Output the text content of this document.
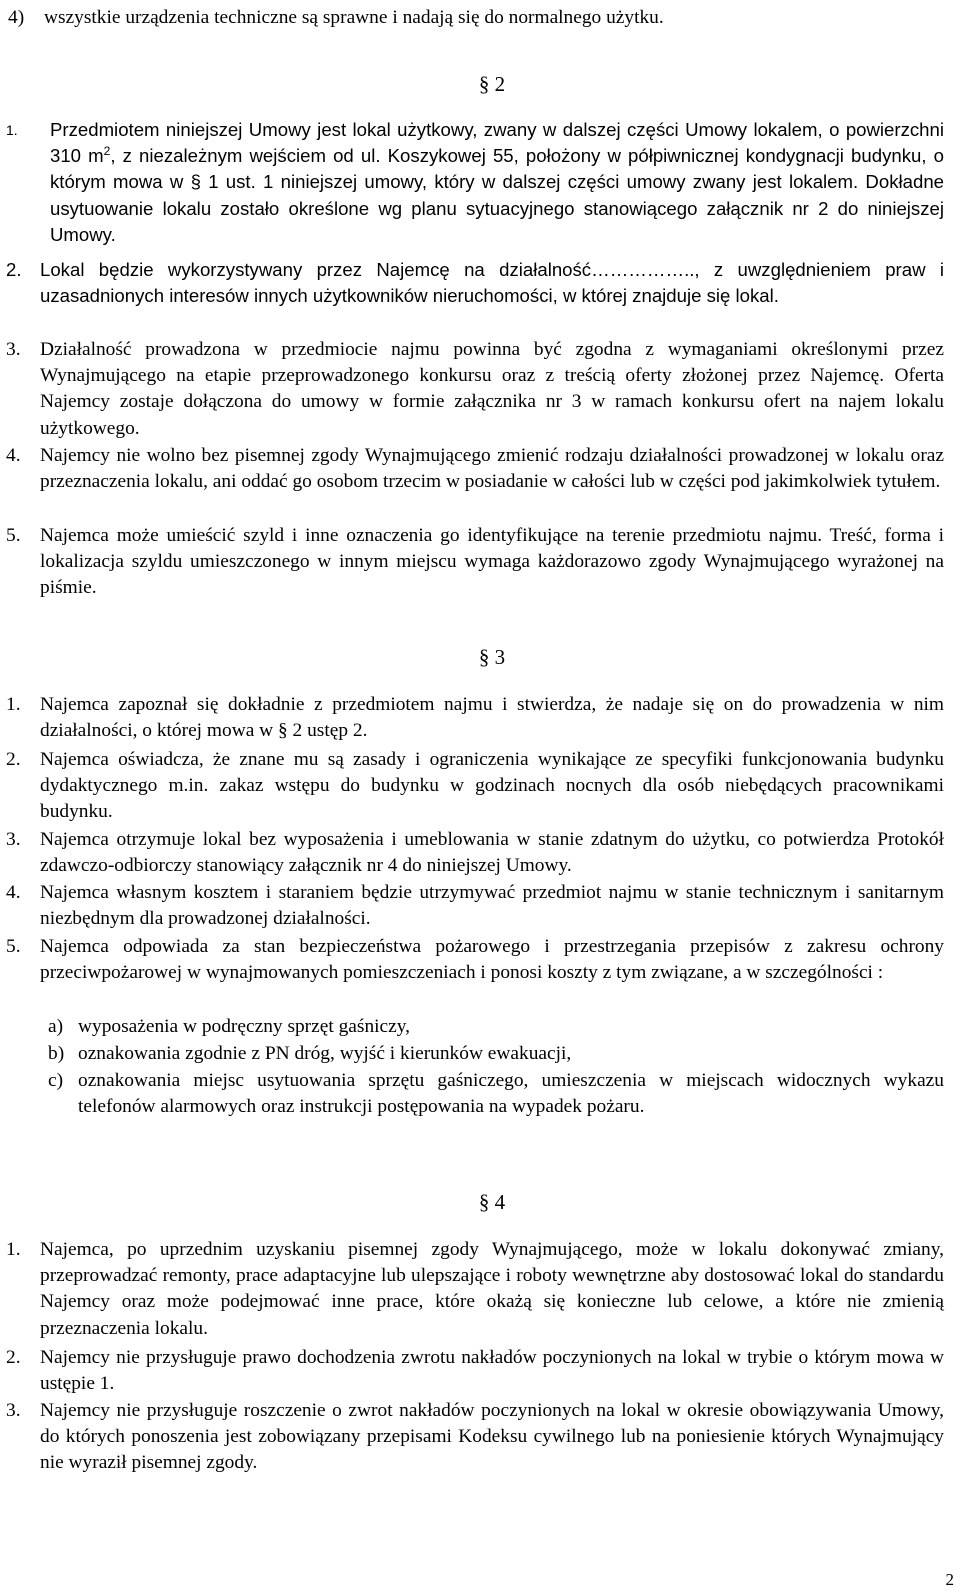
4) wszystkie urządzenia techniczne są sprawne i nadają się do normalnego użytku.
§ 2
1. Przedmiotem niniejszej Umowy jest lokal użytkowy, zwany w dalszej części Umowy lokalem, o powierzchni 310 $m^2$, z niezależnym wejściem od ul. Koszykowej 55, położony w półpiwnicznej kondygnacji budynku, o którym mowa w § 1 ust. 1 niniejszej umowy, który w dalszej części umowy zwany jest lokalem. Dokładne usytuowanie lokalu zostało określone wg planu sytuacyjnego stanowiącego załącznik nr 2 do niniejszej Umowy.
2. Lokal będzie wykorzystywany przez Najemcę na działalność…………….., z uwzględnieniem praw i uzasadnionych interesów innych użytkowników nieruchomości, w której znajduje się lokal.
3. Działalność prowadzona w przedmiocie najmu powinna być zgodna z wymaganiami określonymi przez Wynajmującego na etapie przeprowadzonego konkursu oraz z treścią oferty złożonej przez Najemcę. Oferta Najemcy zostaje dołączona do umowy w formie załącznika nr 3 w ramach konkursu ofert na najem lokalu użytkowego.
4. Najemcy nie wolno bez pisemnej zgody Wynajmującego zmienić rodzaju działalności prowadzonej w lokalu oraz przeznaczenia lokalu, ani oddać go osobom trzecim w posiadanie w całości lub w części pod jakimkolwiek tytułem.
5. Najemca może umieścić szyld i inne oznaczenia go identyfikujące na terenie przedmiotu najmu. Treść, forma i lokalizacja szyldu umieszczonego w innym miejscu wymaga każdorazowo zgody Wynajmującego wyrażonej na piśmie.
§ 3
1. Najemca zapoznał się dokładnie z przedmiotem najmu i stwierdza, że nadaje się on do prowadzenia w nim działalności, o której mowa w § 2 ustęp 2.
2. Najemca oświadcza, że znane mu są zasady i ograniczenia wynikające ze specyfiki funkcjonowania budynku dydaktycznego m.in. zakaz wstępu do budynku w godzinach nocnych dla osób niebędących pracownikami budynku.
3. Najemca otrzymuje lokal bez wyposażenia i umeblowania w stanie zdatnym do użytku, co potwierdza Protokół zdawczo-odbiorczy stanowiący załącznik nr 4 do niniejszej Umowy.
4. Najemca własnym kosztem i staraniem będzie utrzymywać przedmiot najmu w stanie technicznym i sanitarnym niezbędnym dla prowadzonej działalności.
5. Najemca odpowiada za stan bezpieczeństwa pożarowego i przestrzegania przepisów z zakresu ochrony przeciwpożarowej w wynajmowanych pomieszczeniach i ponosi koszty z tym związane, a w szczególności :
a) wyposażenia w podręczny sprzęt gaśniczy,
b) oznakowania zgodnie z PN dróg, wyjść i kierunków ewakuacji,
c) oznakowania miejsc usytuowania sprzętu gaśniczego, umieszczenia w miejscach widocznych wykazu telefonów alarmowych oraz instrukcji postępowania na wypadek pożaru.
§ 4
1. Najemca, po uprzednim uzyskaniu pisemnej zgody Wynajmującego, może w lokalu dokonywać zmiany, przeprowadzać remonty, prace adaptacyjne lub ulepszające i roboty wewnętrzne aby dostosować lokal do standardu Najemcy oraz może podejmować inne prace, które okażą się konieczne lub celowe, a które nie zmienią przeznaczenia lokalu.
2. Najemcy nie przysługuje prawo dochodzenia zwrotu nakładów poczynionych na lokal w trybie o którym mowa w ustępie 1.
3. Najemcy nie przysługuje roszczenie o zwrot nakładów poczynionych na lokal w okresie obowiązywania Umowy, do których ponoszenia jest zobowiązany przepisami Kodeksu cywilnego lub na poniesienie których Wynajmujący nie wyraził pisemnej zgody.
2
